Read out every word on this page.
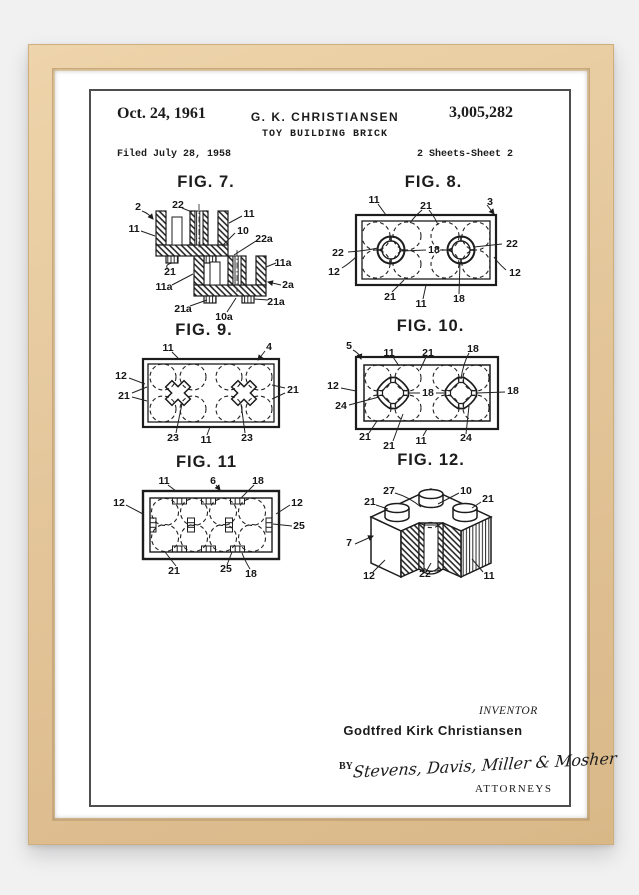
Oct. 24, 1961	G. K. CHRISTIANSEN
TOY BUILDING BRICK
3,005,282
Filed July 28, 1958	2 Sheets-Sheet 2
FIG. 7.
2	22
11
11	10
22a
11a
2a
21
11a
21a
10a
21a
FIG. 8.
11	21	3
22
12
22
12
18
21
11	18
FIG. 9.
11	4
12
21	21
23 11	23
FIG. 10.
5
11	21	18
12
24
18	18
21
21 11	24
FIG. 11
11	6	18
12	12
25
21	25 18
FIG. 12.
27	10
21	21
7
12	22	11
INVENTOR
Godtfred Kirk Christiansen
BY Stevens, Davis, Miller & Mosher
ATTORNEYS
